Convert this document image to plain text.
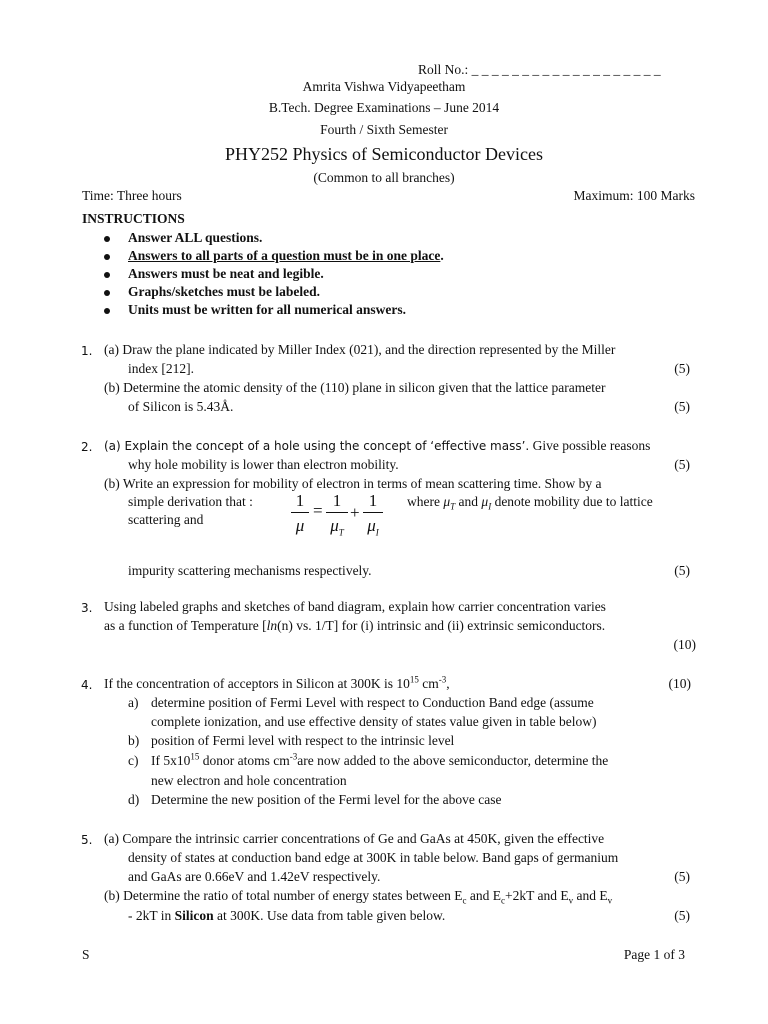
Roll No.: _ _ _ _ _ _ _ _ _ _ _ _ _ _ _ _ _ _ _
Amrita Vishwa Vidyapeetham
B.Tech. Degree Examinations – June 2014
Fourth / Sixth Semester
PHY252 Physics of Semiconductor Devices
(Common to all branches)
Time: Three hours	Maximum: 100 Marks
INSTRUCTIONS
Answer ALL questions.
Answers to all parts of a question must be in one place.
Answers must be neat and legible.
Graphs/sketches must be labeled.
Units must be written for all numerical answers.
1. (a) Draw the plane indicated by Miller Index (021), and the direction represented by the Miller
index [212].	(5)
(b) Determine the atomic density of the (110) plane in silicon given that the lattice parameter
of Silicon is 5.43Å.	(5)
2. (a) Explain the concept of a hole using the concept of ‘effective mass’. Give possible reasons
why hole mobility is lower than electron mobility.	(5)
(b) Write an expression for mobility of electron in terms of mean scattering time. Show by a
simple derivation that :
scattering and
1
μ
=
1
$\mu_T$
+
1
$\mu_I$
where $\mu_T$ and $\mu_I$ denote mobility due to lattice
impurity scattering mechanisms respectively.	(5)
3. Using labeled graphs and sketches of band diagram, explain how carrier concentration varies
as a function of Temperature [ln(n) vs. 1/T] for (i) intrinsic and (ii) extrinsic semiconductors.
(10)
4. If the concentration of acceptors in Silicon at 300K is $10^{15}$ $cm^{-3}$,	(10)
a) determine position of Fermi Level with respect to Conduction Band edge (assume
complete ionization, and use effective density of states value given in table below)
b) position of Fermi level with respect to the intrinsic level
c) If $5x10^{15}$ donor atoms $cm^{-3}are$ now added to the above semiconductor, determine the
new electron and hole concentration
d) Determine the new position of the Fermi level for the above case
5. (a) Compare the intrinsic carrier concentrations of Ge and GaAs at 450K, given the effective
density of states at conduction band edge at 300K in table below. Band gaps of germanium
and GaAs are 0.66eV and 1.42eV respectively.	(5)
(b) Determine the ratio of total number of energy states between $E_c$ and $E_c+2kT$ and $E_v$ and $E_v$
- 2kT in Silicon at 300K. Use data from table given below.	(5)
S	Page 1 of 3
